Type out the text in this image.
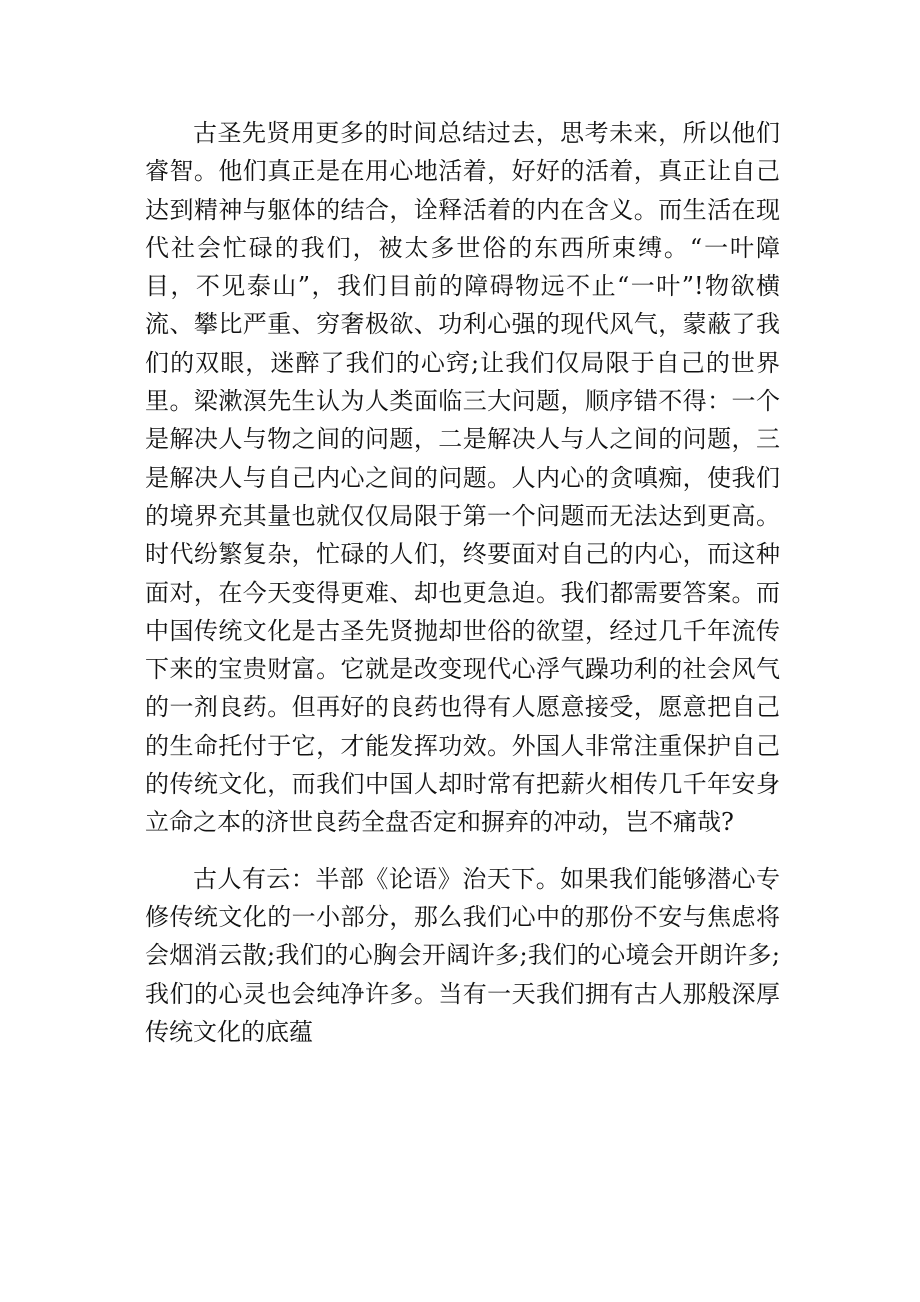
古圣先贤用更多的时间总结过去，思考未来，所以他们睿智。他们真正是在用心地活着，好好的活着，真正让自己达到精神与躯体的结合，诠释活着的内在含义。而生活在现代社会忙碌的我们，被太多世俗的东西所束缚。“一叶障目，不见泰山”，我们目前的障碍物远不止“一叶”!物欲横流、攀比严重、穷奢极欲、功利心强的现代风气，蒙蔽了我们的双眼，迷醉了我们的心窍;让我们仅局限于自己的世界里。梁漱溟先生认为人类面临三大问题，顺序错不得：一个是解决人与物之间的问题，二是解决人与人之间的问题，三是解决人与自己内心之间的问题。人内心的贪嗔痴，使我们的境界充其量也就仅仅局限于第一个问题而无法达到更高。时代纷繁复杂，忙碌的人们，终要面对自己的内心，而这种面对，在今天变得更难、却也更急迫。我们都需要答案。而中国传统文化是古圣先贤抛却世俗的欲望，经过几千年流传下来的宝贵财富。它就是改变现代心浮气躁功利的社会风气的一剂良药。但再好的良药也得有人愿意接受，愿意把自己的生命托付于它，才能发挥功效。外国人非常注重保护自己的传统文化，而我们中国人却时常有把薪火相传几千年安身立命之本的济世良药全盘否定和摒弃的冲动，岂不痛哉?

古人有云：半部《论语》治天下。如果我们能够潜心专修传统文化的一小部分，那么我们心中的那份不安与焦虑将会烟消云散;我们的心胸会开阔许多;我们的心境会开朗许多;我们的心灵也会纯净许多。当有一天我们拥有古人那般深厚传统文化的底蕴
